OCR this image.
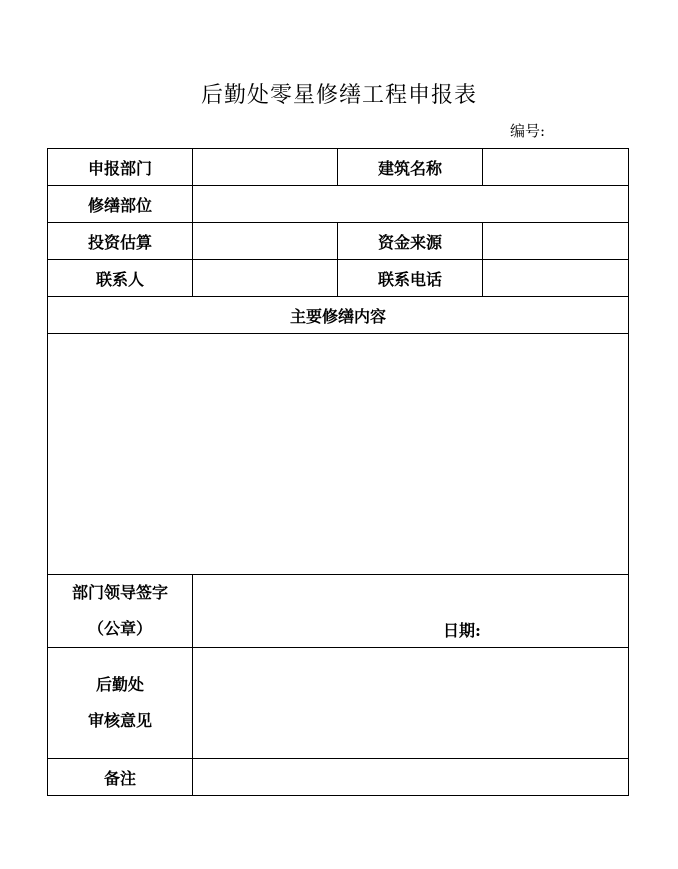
后勤处零星修缮工程申报表
编号:
申报部门		建筑名称	
修缮部位			
投资估算		资金来源	
联系人		联系电话	
主要修缮内容			

部门领导签字
（公章）	日期:		

后勤处
审核意见			

备注			
